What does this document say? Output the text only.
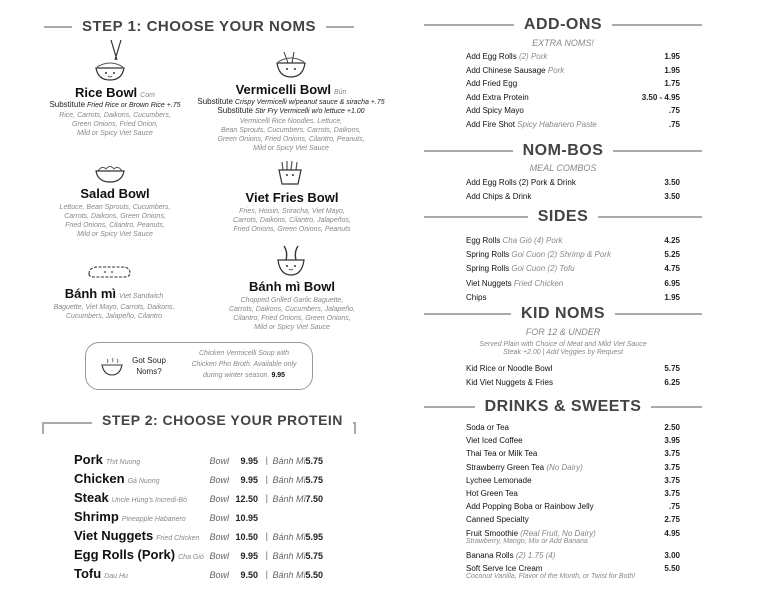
STEP 1: CHOOSE YOUR NOMS
Rice Bowl Com
Substitute Fried Rice or Brown Rice +.75
Rice, Carrots, Daikons, Cucumbers,
Green Onions, Fried Onion,
Mild or Spicy Viet Sauce
Vermicelli Bowl Bún
Substitute Crispy Vermicelli w/peanut sauce & siracha +.75
Substitute Stir Fry Vermicelli w/o lettuce +1.00
Vermicelli Rice Noodles, Lettuce,
Bean Sprouts, Cucumbers, Carrots, Daikons,
Green Onions, Fried Onions, Cilantro, Peanuts,
Mild or Spicy Viet Sauce
Salad Bowl
Lettuce, Bean Sprouts, Cucumbers,
Carrots, Daikons, Green Onions,
Fried Onions, Cilantro, Peanuts,
Mild or Spicy Viet Sauce
Viet Fries Bowl
Fries, Hoisin, Sriracha, Viet Mayo,
Carrots, Daikons, Cilantro, Jalapeños,
Fried Onions, Green Onions, Peanuts
Bánh mì Viet Sandwich
Baguette, Viet Mayo, Carrots, Daikons,
Cucumbers, Jalapeño, Cilantro
Bánh mì Bowl
Chopped Grilled Garlic Baguette,
Carrots, Daikons, Cucumbers, Jalapeño,
Cilantro, Fried Onions, Green Onions,
Mild or Spicy Viet Sauce
Got Soup
Noms?
Chicken Vermicelli Soup with
Chicken Pho Broth. Available only
during winter season. 9.95
STEP 2: CHOOSE YOUR PROTEIN
Pork Thit Nuong	Bowl 9.95 | Bánh Mì 5.75
Chicken Gà Nuong	Bowl 9.95 | Bánh Mì 5.75
Steak Uncle Hùng's Incredi-Bò	Bowl 12.50 | Bánh Mì 7.50
Shrimp Pineapple Habanero	Bowl 10.95
Viet Nuggets Fried Chicken Bowl 10.50 | Bánh Mì 5.95
Egg Rolls (Pork) Cha Giò Bowl 9.95 | Bánh Mì 5.75
Tofu Dau Hu	Bowl 9.50 | Bánh Mì 5.50
ADD-ONS
EXTRA NOMS!
Add Egg Rolls (2) Pork	1.95
Add Chinese Sausage Pork	1.95
Add Fried Egg	1.75
Add Extra Protein	3.50 - 4.95
Add Spicy Mayo	.75
Add Fire Shot Spicy Habanero Paste	.75
NOM-BOS
MEAL COMBOS
Add Egg Rolls (2) Pork & Drink	3.50
Add Chips & Drink	3.50
SIDES
Egg Rolls Cha Giò (4) Pork	4.25
Spring Rolls Goi Cuon (2) Shrimp & Pork	5.25
Spring Rolls Goi Cuon (2) Tofu	4.75
Viet Nuggets Fried Chicken	6.95
Chips	1.95
KID NOMS
FOR 12 & UNDER
Served Plain with Choice of Meat and Mild Viet Sauce
Steak +2.00 | Add Veggies by Request
Kid Rice or Noodle Bowl	5.75
Kid Viet Nuggets & Fries	6.25
DRINKS & SWEETS
Soda or Tea	2.50
Viet Iced Coffee	3.95
Thai Tea or Milk Tea	3.75
Strawberry Green Tea (No Dairy)	3.75
Lychee Lemonade	3.75
Hot Green Tea	3.75
Add Popping Boba or Rainbow Jelly	.75
Canned Specialty	2.75
Fruit Smoothie (Real Fruit, No Dairy)	4.95
Strawberry, Mango, Mix or Add Banana
Banana Rolls (2) 1.75 (4)	3.00
Soft Serve Ice Cream	5.50
Coconut Vanilla, Flavor of the Month, or Twist for Both!
